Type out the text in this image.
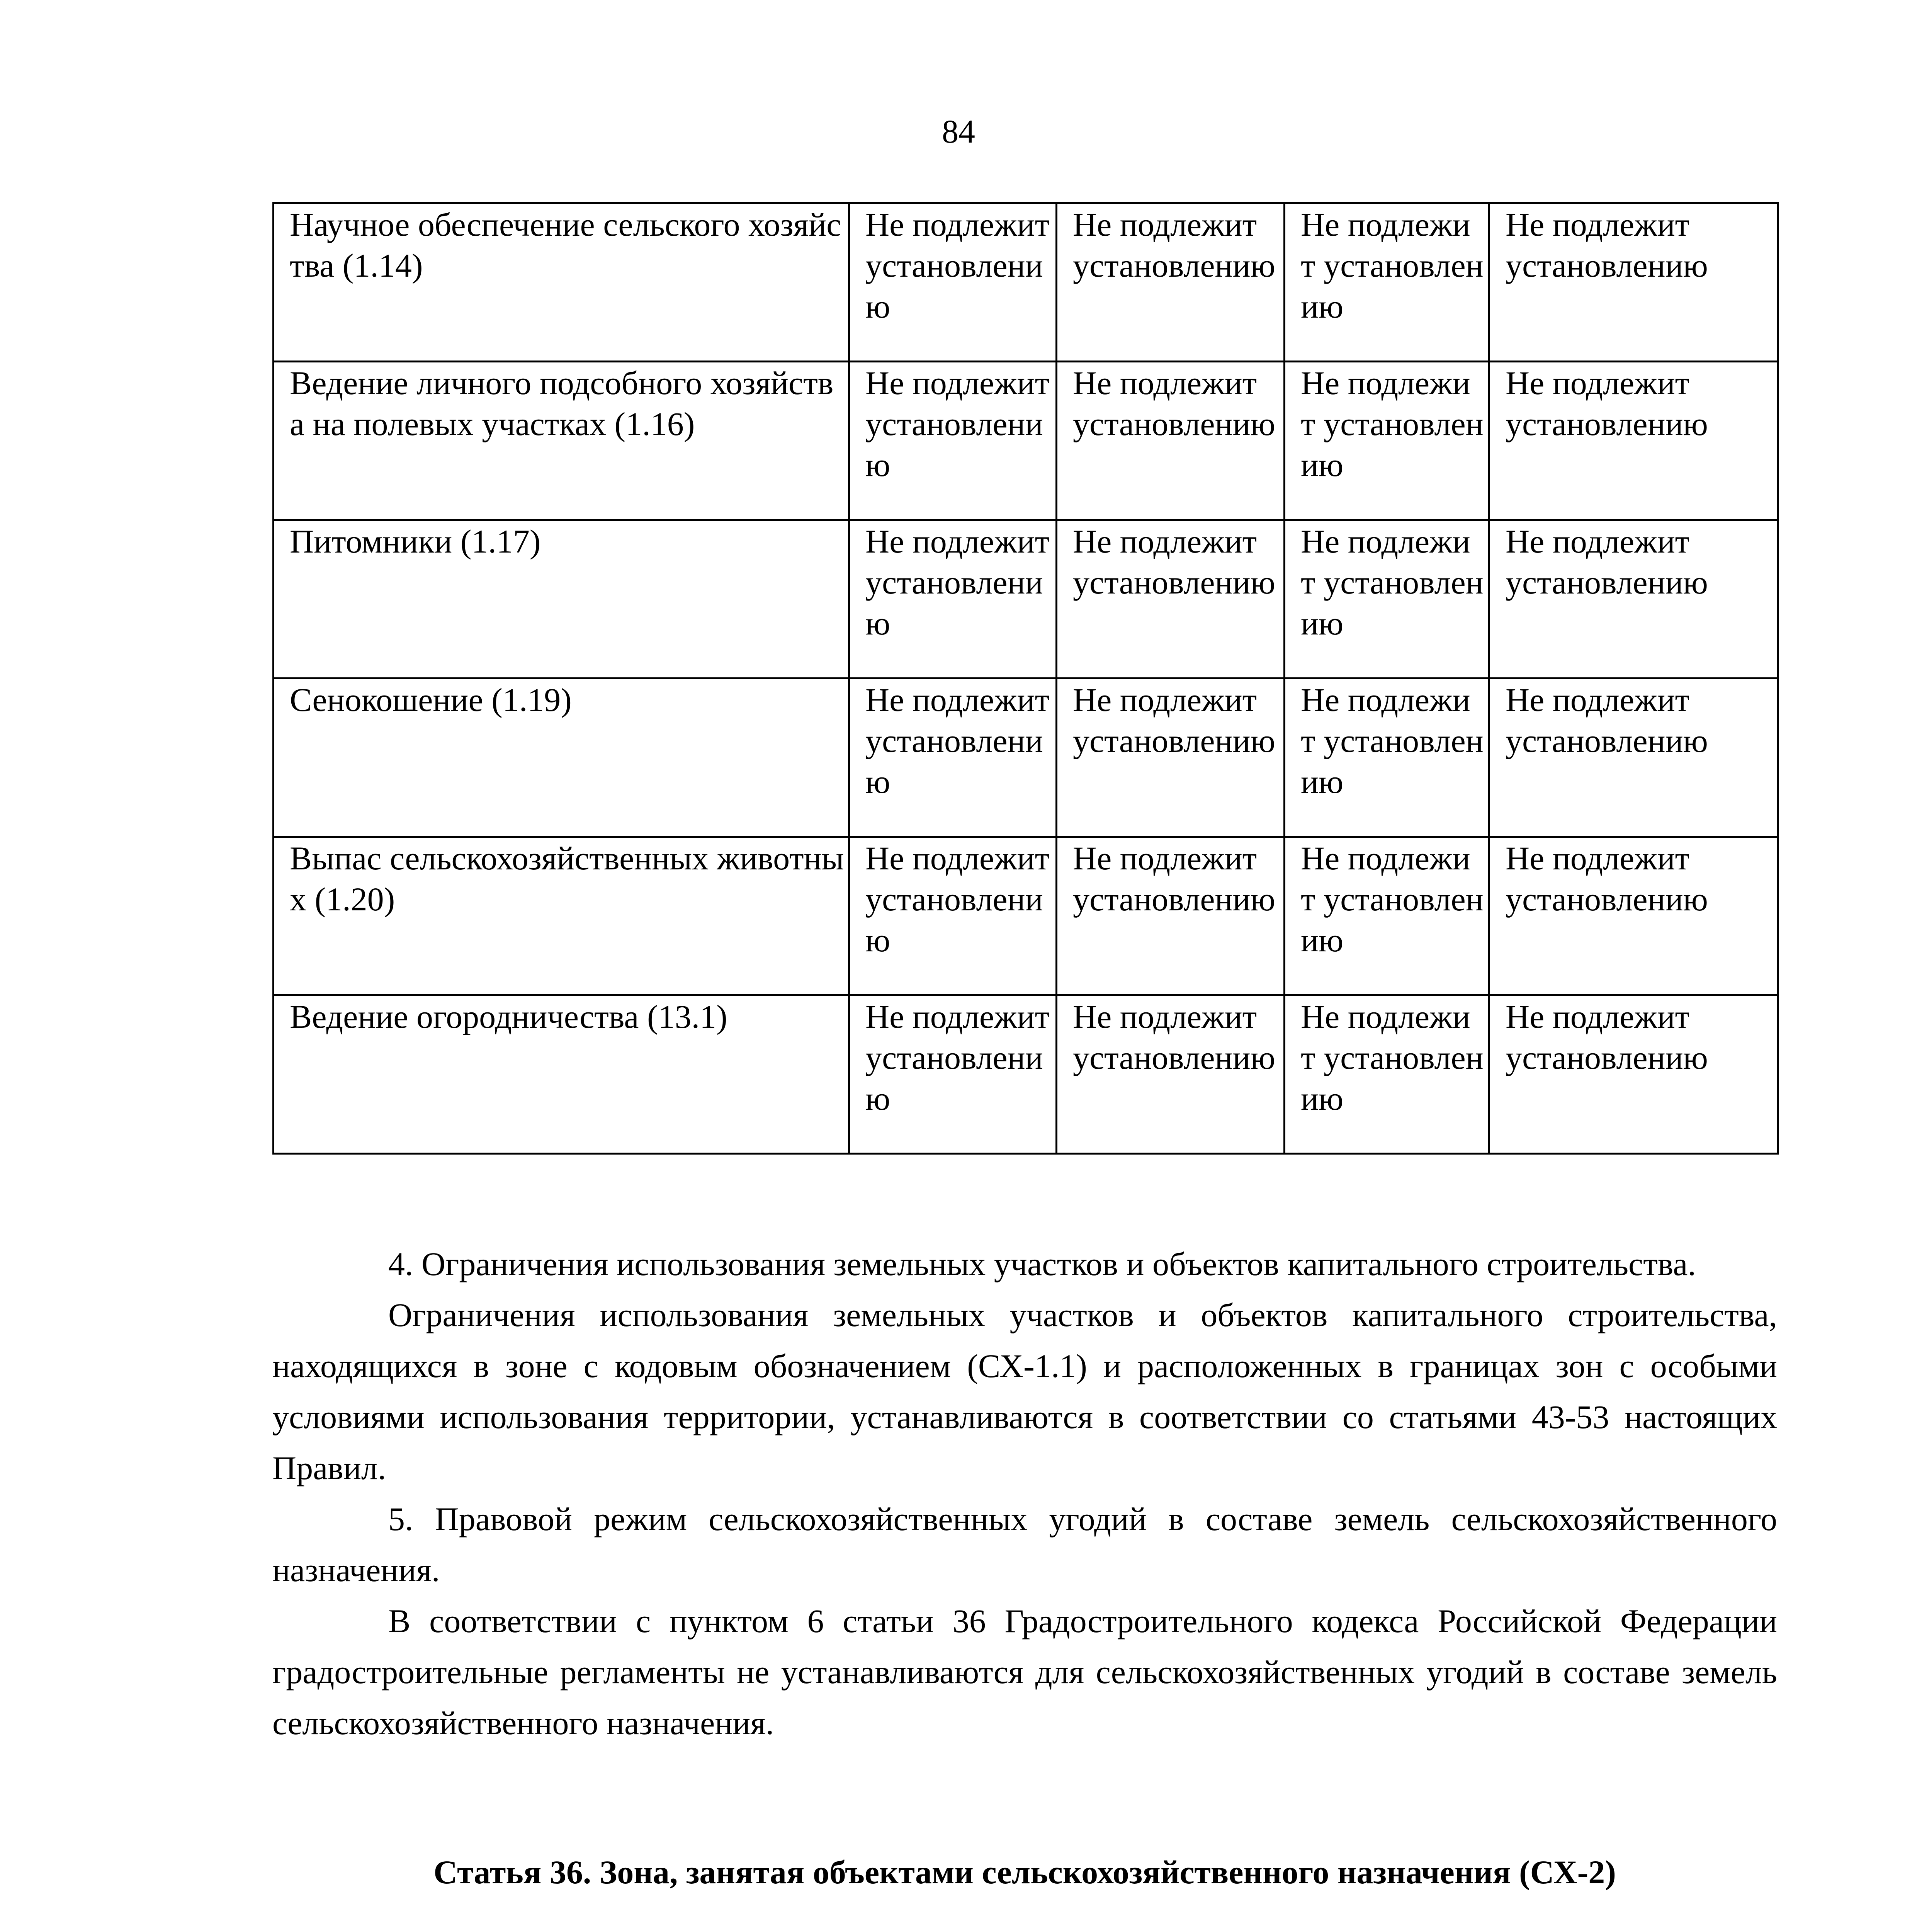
84
Научное обеспечение сельского хозяйства (1.14)	Не подлежит установлению	Не подлежит установлению	Не подлежит установлению	Не подлежит установлению
Ведение личного подсобного хозяйства на полевых участках (1.16)	Не подлежит установлению	Не подлежит установлению	Не подлежит установлению	Не подлежит установлению
Питомники (1.17)	Не подлежит установлению	Не подлежит установлению	Не подлежит установлению	Не подлежит установлению
Сенокошение (1.19)	Не подлежит установлению	Не подлежит установлению	Не подлежит установлению	Не подлежит установлению
Выпас сельскохозяйственных животных (1.20)	Не подлежит установлению	Не подлежит установлению	Не подлежит установлению	Не подлежит установлению
Ведение огородничества (13.1)	Не подлежит установлению	Не подлежит установлению	Не подлежит установлению	Не подлежит установлению

4. Ограничения использования земельных участков и объектов капитального строительства.

Ограничения использования земельных участков и объектов капитального строительства, находящихся в зоне с кодовым обозначением (СХ-1.1) и расположенных в границах зон с особыми условиями использования территории, устанавливаются в соответствии со статьями 43-53 настоящих Правил.

5. Правовой режим сельскохозяйственных угодий в составе земель сельскохозяйственного назначения.

В соответствии с пунктом 6 статьи 36 Градостроительного кодекса Российской Федерации градостроительные регламенты не устанавливаются для сельскохозяйственных угодий в составе земель сельскохозяйственного назначения.

Статья 36. Зона, занятая объектами сельскохозяйственного назначения (СХ-2)
